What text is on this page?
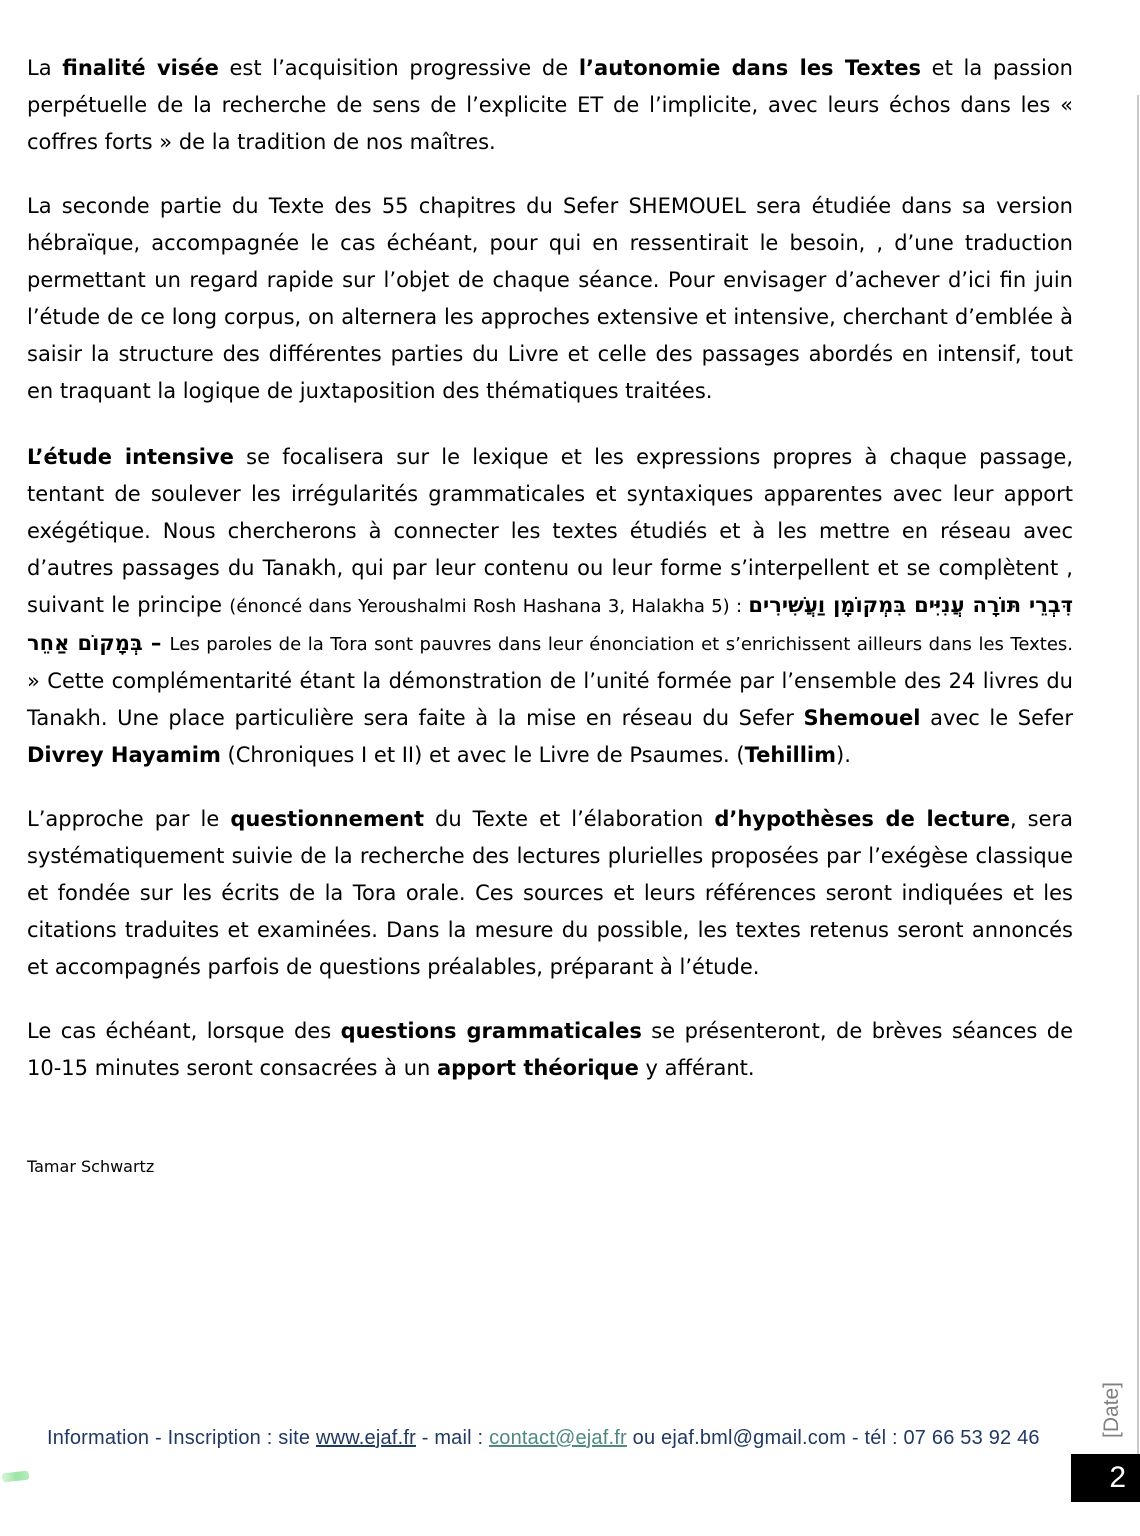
La finalité visée est l’acquisition progressive de l’autonomie dans les Textes et la passion perpétuelle de la recherche de sens de l’explicite ET de l’implicite, avec leurs échos dans les « coffres forts » de la tradition de nos maîtres.

La seconde partie du Texte des 55 chapitres du Sefer SHEMOUEL sera étudiée dans sa version hébraïque, accompagnée le cas échéant, pour qui en ressentirait le besoin, , d’une traduction permettant un regard rapide sur l’objet de chaque séance. Pour envisager d’achever d’ici fin juin l’étude de ce long corpus, on alternera les approches extensive et intensive, cherchant d’emblée à saisir la structure des différentes parties du Livre et celle des passages abordés en intensif, tout en traquant la logique de juxtaposition des thématiques traitées.

L’étude intensive se focalisera sur le lexique et les expressions propres à chaque passage, tentant de soulever les irrégularités grammaticales et syntaxiques apparentes avec leur apport exégétique. Nous chercherons à connecter les textes étudiés et à les mettre en réseau avec d’autres passages du Tanakh, qui par leur contenu ou leur forme s’interpellent et se complètent , suivant le principe (énoncé dans Yeroushalmi Rosh Hashana 3, Halakha 5) : דִּבְרֵי תּוֹרָה עֲנִיִּים בִּמְקוֹמָן וַעֲשִׁירִים בְּמָקוֹם אַחֵר – Les paroles de la Tora sont pauvres dans leur énonciation et s’enrichissent ailleurs dans les Textes. » Cette complémentarité étant la démonstration de l’unité formée par l’ensemble des 24 livres du Tanakh. Une place particulière sera faite à la mise en réseau du Sefer Shemouel avec le Sefer Divrey Hayamim (Chroniques I et II) et avec le Livre de Psaumes. (Tehillim).

L’approche par le questionnement du Texte et l’élaboration d’hypothèses de lecture, sera systématiquement suivie de la recherche des lectures plurielles proposées par l’exégèse classique et fondée sur les écrits de la Tora orale. Ces sources et leurs références seront indiquées et les citations traduites et examinées. Dans la mesure du possible, les textes retenus seront annoncés et accompagnés parfois de questions préalables, préparant à l’étude.

Le cas échéant, lorsque des questions grammaticales se présenteront, de brèves séances de 10-15 minutes seront consacrées à un apport théorique y afférant.

Tamar Schwartz
Information - Inscription : site www.ejaf.fr - mail : contact@ejaf.fr ou ejaf.bml@gmail.com - tél : 07 66 53 92 46	[Date]
2
